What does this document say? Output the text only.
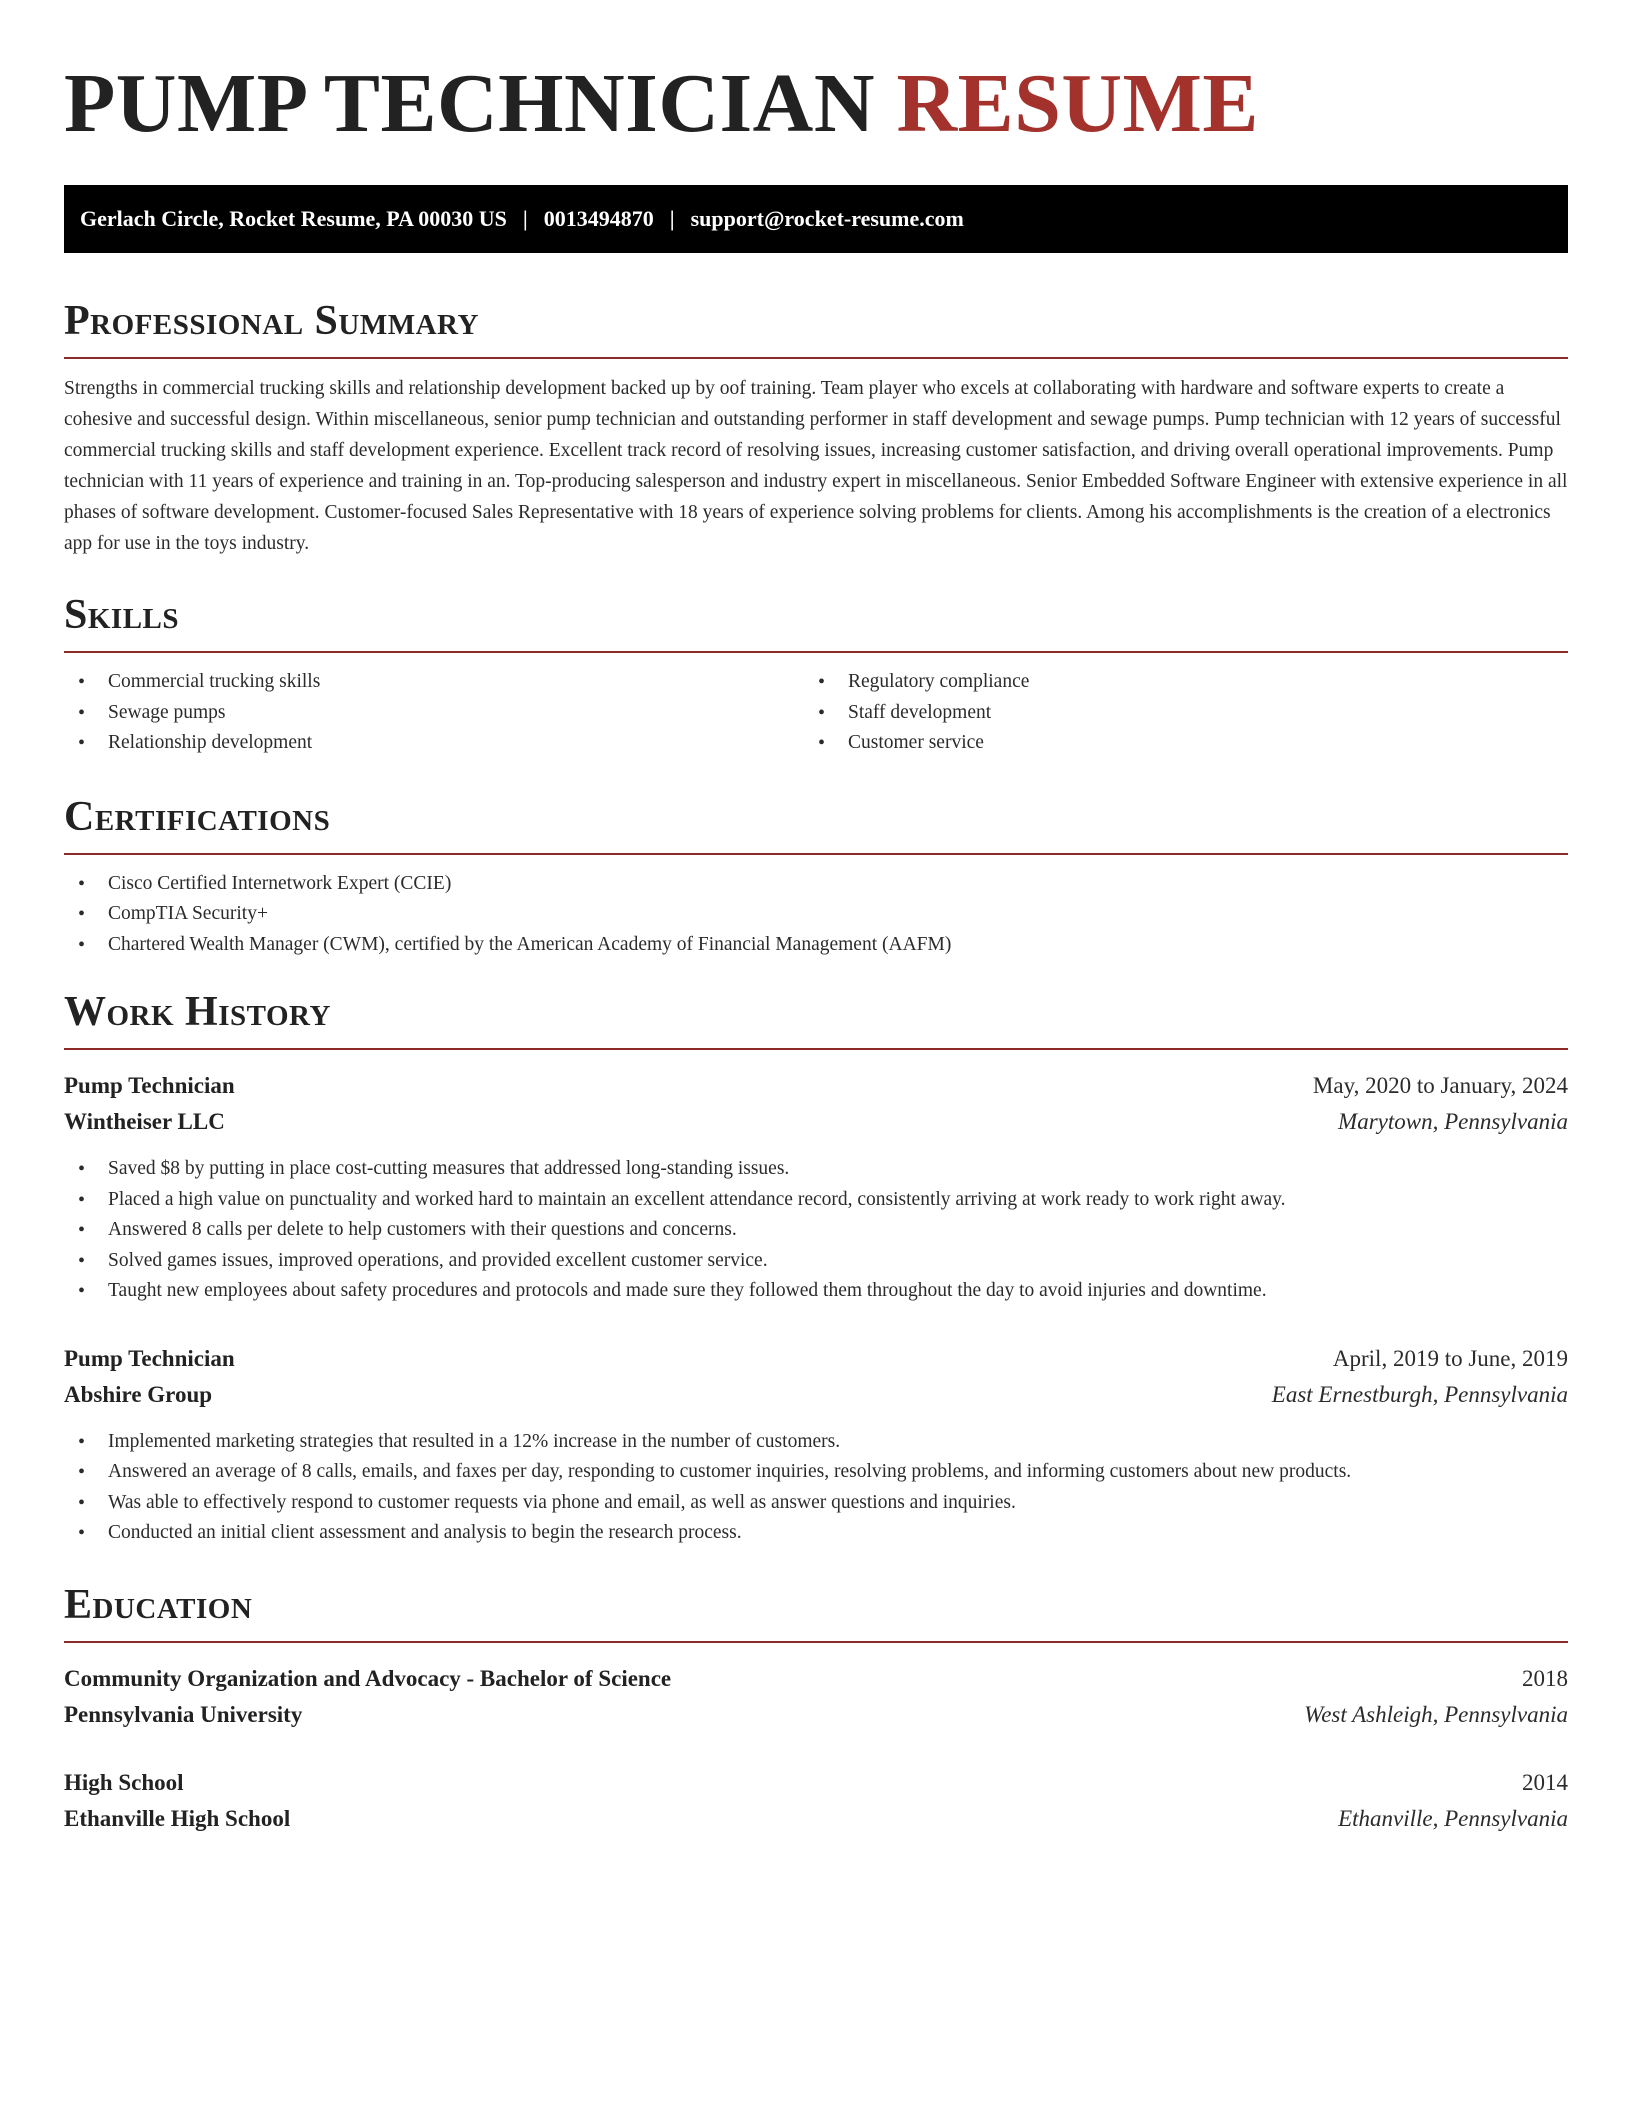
PUMP TECHNICIAN RESUME
Gerlach Circle, Rocket Resume, PA 00030 US | 0013494870 | support@rocket-resume.com
Professional Summary

Strengths in commercial trucking skills and relationship development backed up by oof training. Team player who excels at collaborating with hardware and software experts to create a cohesive and successful design. Within miscellaneous, senior pump technician and outstanding performer in staff development and sewage pumps. Pump technician with 12 years of successful commercial trucking skills and staff development experience. Excellent track record of resolving issues, increasing customer satisfaction, and driving overall operational improvements. Pump technician with 11 years of experience and training in an. Top-producing salesperson and industry expert in miscellaneous. Senior Embedded Software Engineer with extensive experience in all phases of software development. Customer-focused Sales Representative with 18 years of experience solving problems for clients. Among his accomplishments is the creation of a electronics app for use in the toys industry.

Skills
• Commercial trucking skills
• Sewage pumps
• Relationship development
• Regulatory compliance
• Staff development
• Customer service
Certifications
• Cisco Certified Internetwork Expert (CCIE)
• CompTIA Security+
• Chartered Wealth Manager (CWM), certified by the American Academy of Financial Management (AAFM)
Work History
Pump Technician	May, 2020 to January, 2024
Wintheiser LLC	Marytown, Pennsylvania
• Saved $8 by putting in place cost-cutting measures that addressed long-standing issues.
• Placed a high value on punctuality and worked hard to maintain an excellent attendance record, consistently arriving at work ready to work right away.
• Answered 8 calls per delete to help customers with their questions and concerns.
• Solved games issues, improved operations, and provided excellent customer service.
• Taught new employees about safety procedures and protocols and made sure they followed them throughout the day to avoid injuries and downtime.
Pump Technician	April, 2019 to June, 2019
Abshire Group	East Ernestburgh, Pennsylvania
• Implemented marketing strategies that resulted in a 12% increase in the number of customers.
• Answered an average of 8 calls, emails, and faxes per day, responding to customer inquiries, resolving problems, and informing customers about new products.
• Was able to effectively respond to customer requests via phone and email, as well as answer questions and inquiries.
• Conducted an initial client assessment and analysis to begin the research process.
Education
Community Organization and Advocacy - Bachelor of Science	2018
Pennsylvania University	West Ashleigh, Pennsylvania
High School	2014
Ethanville High School	Ethanville, Pennsylvania
